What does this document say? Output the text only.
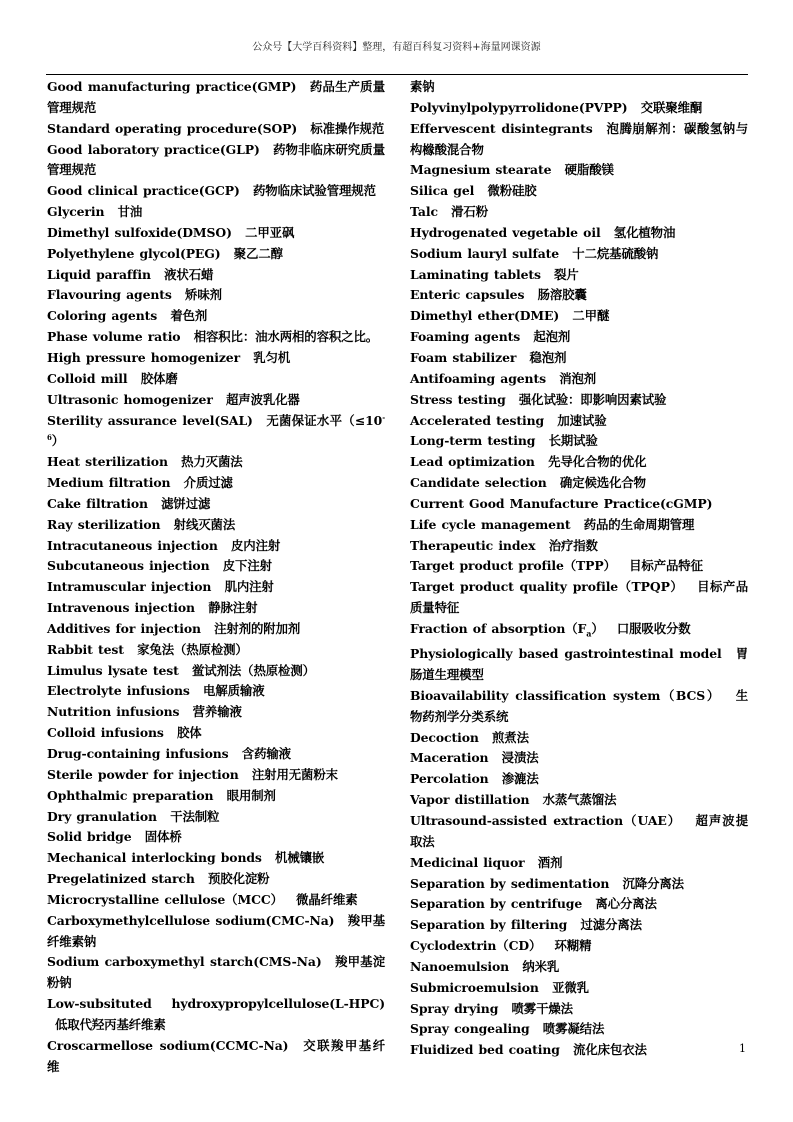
公众号【大学百科资料】整理，有超百科复习资料+海量网课资源
Good manufacturing practice(GMP) 药品生产质量管理规范
Standard operating procedure(SOP) 标准操作规范
Good laboratory practice(GLP) 药物非临床研究质量管理规范
Good clinical practice(GCP) 药物临床试验管理规范
Glycerin 甘油
Dimethyl sulfoxide(DMSO) 二甲亚砜
Polyethylene glycol(PEG) 聚乙二醇
Liquid paraffin 液状石蜡
Flavouring agents 矫味剂
Coloring agents 着色剂
Phase volume ratio 相容积比：油水两相的容积之比。
High pressure homogenizer 乳匀机
Colloid mill 胶体磨
Ultrasonic homogenizer 超声波乳化器
Sterility assurance level(SAL) 无菌保证水平$(\le 10^{-6})$
Heat sterilization 热力灭菌法
Medium filtration 介质过滤
Cake filtration 滤饼过滤
Ray sterilization 射线灭菌法
Intracutaneous injection 皮内注射
Subcutaneous injection 皮下注射
Intramuscular injection 肌内注射
Intravenous injection 静脉注射
Additives for injection 注射剂的附加剂
Rabbit test 家兔法（热原检测）
Limulus lysate test 鲎试剂法（热原检测）
Electrolyte infusions 电解质输液
Nutrition infusions 营养输液
Colloid infusions 胶体
Drug-containing infusions 含药输液
Sterile powder for injection 注射用无菌粉末
Ophthalmic preparation 眼用制剂
Dry granulation 干法制粒
Solid bridge 固体桥
Mechanical interlocking bonds 机械镶嵌
Pregelatinized starch 预胶化淀粉
Microcrystalline cellulose（MCC） 微晶纤维素
Carboxymethylcellulose sodium(CMC-Na) 羧甲基纤维素钠
Sodium carboxymethyl starch(CMS-Na) 羧甲基淀粉钠
Low-subsituted hydroxypropylcellulose(L-HPC) 低取代羟丙基纤维素
Croscarmellose sodium(CCMC-Na) 交联羧甲基纤维
素钠
Polyvinylpolypyrrolidone(PVPP) 交联聚维酮
Effervescent disintegrants 泡腾崩解剂：碳酸氢钠与构橼酸混合物
Magnesium stearate 硬脂酸镁
Silica gel 微粉硅胶
Talc 滑石粉
Hydrogenated vegetable oil 氢化植物油
Sodium lauryl sulfate 十二烷基硫酸钠
Laminating tablets 裂片
Enteric capsules 肠溶胶囊
Dimethyl ether(DME) 二甲醚
Foaming agents 起泡剂
Foam stabilizer 稳泡剂
Antifoaming agents 消泡剂
Stress testing 强化试验：即影响因素试验
Accelerated testing 加速试验
Long-term testing 长期试验
Lead optimization 先导化合物的优化
Candidate selection 确定候选化合物
Current Good Manufacture Practice(cGMP)
Life cycle management 药品的生命周期管理
Therapeutic index 治疗指数
Target product profile（TPP） 目标产品特征
Target product quality profile（TPQP） 目标产品质量特征
Fraction of $absorption(F_a)$ 口服吸收分数
Physiologically based gastrointestinal model 胃肠道生理模型
Bioavailability classification system（BCS） 生物药剂学分类系统
Decoction 煎煮法
Maceration 浸渍法
Percolation 渗漉法
Vapor distillation 水蒸气蒸馏法
Ultrasound-assisted extraction（UAE） 超声波提取法
Medicinal liquor 酒剂
Separation by sedimentation 沉降分离法
Separation by centrifuge 离心分离法
Separation by filtering 过滤分离法
Cyclodextrin（CD） 环糊精
Nanoemulsion 纳米乳
Submicroemulsion 亚微乳
Spray drying 喷雾干燥法
Spray congealing 喷雾凝结法
Fluidized bed coating 流化床包衣法	1
